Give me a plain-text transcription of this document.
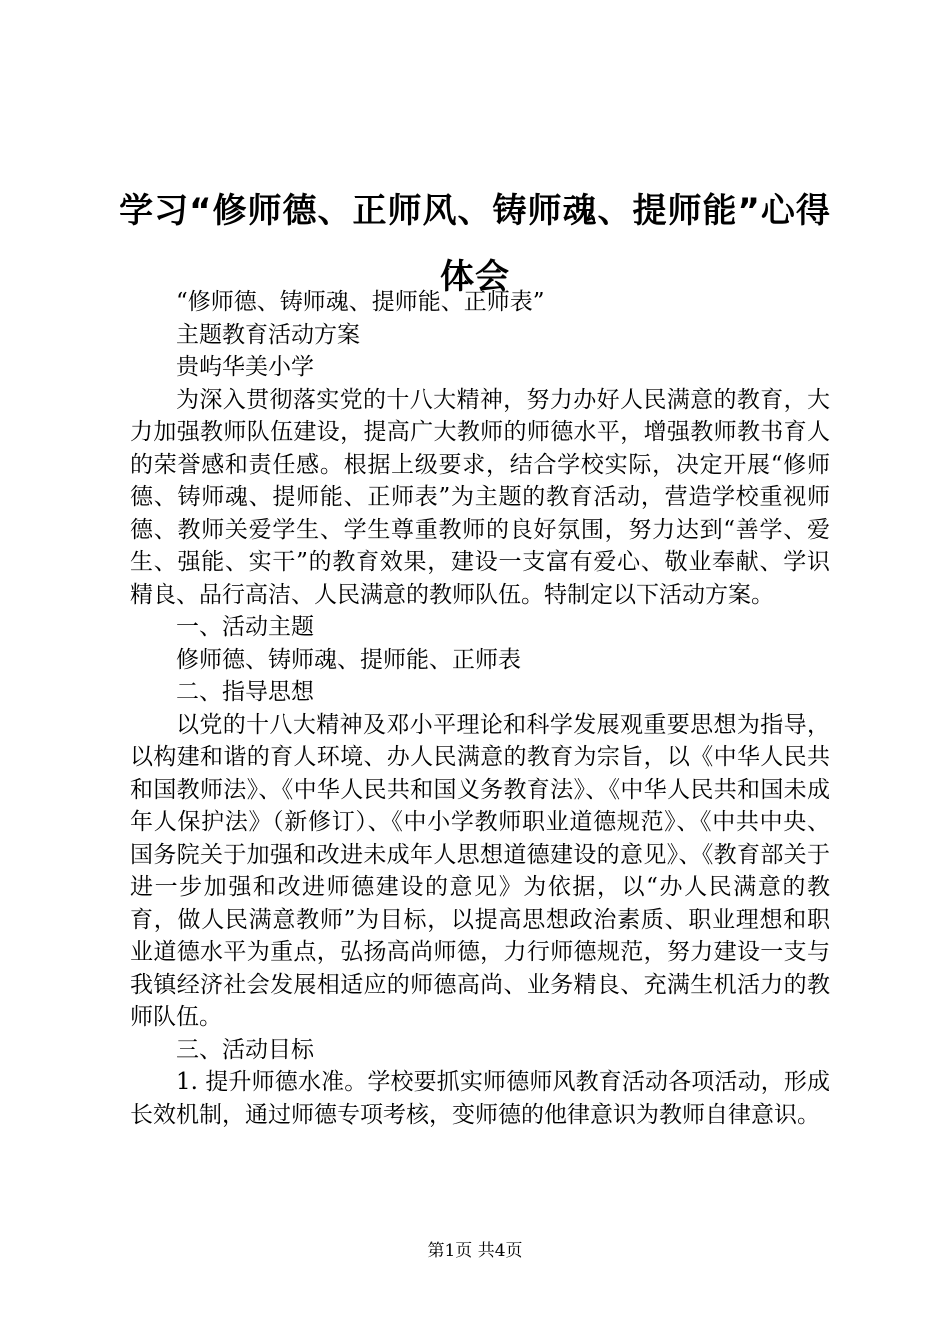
学习“修师德、正师风、铸师魂、提师能”心得体会

“修师德、铸师魂、提师能、正师表”

主题教育活动方案

贵屿华美小学

为深入贯彻落实党的十八大精神，努力办好人民满意的教育，大力加强教师队伍建设，提高广大教师的师德水平，增强教师教书育人的荣誉感和责任感。根据上级要求，结合学校实际，决定开展“修师德、铸师魂、提师能、正师表”为主题的教育活动，营造学校重视师德、教师关爱学生、学生尊重教师的良好氛围，努力达到“善学、爱生、强能、实干”的教育效果，建设一支富有爱心、敬业奉献、学识精良、品行高洁、人民满意的教师队伍。特制定以下活动方案。

一、活动主题

修师德、铸师魂、提师能、正师表

二、指导思想

以党的十八大精神及邓小平理论和科学发展观重要思想为指导，以构建和谐的育人环境、办人民满意的教育为宗旨，以《中华人民共和国教师法》、《中华人民共和国义务教育法》、《中华人民共和国未成年人保护法》（新修订）、《中小学教师职业道德规范》、《中共中央、国务院关于加强和改进未成年人思想道德建设的意见》、《教育部关于进一步加强和改进师德建设的意见》为依据，以“办人民满意的教育，做人民满意教师”为目标，以提高思想政治素质、职业理想和职业道德水平为重点，弘扬高尚师德，力行师德规范，努力建设一支与我镇经济社会发展相适应的师德高尚、业务精良、充满生机活力的教师队伍。

三、活动目标

1. 提升师德水准。学校要抓实师德师风教育活动各项活动，形成长效机制，通过师德专项考核，变师德的他律意识为教师自律意识。

第1页 共4页
